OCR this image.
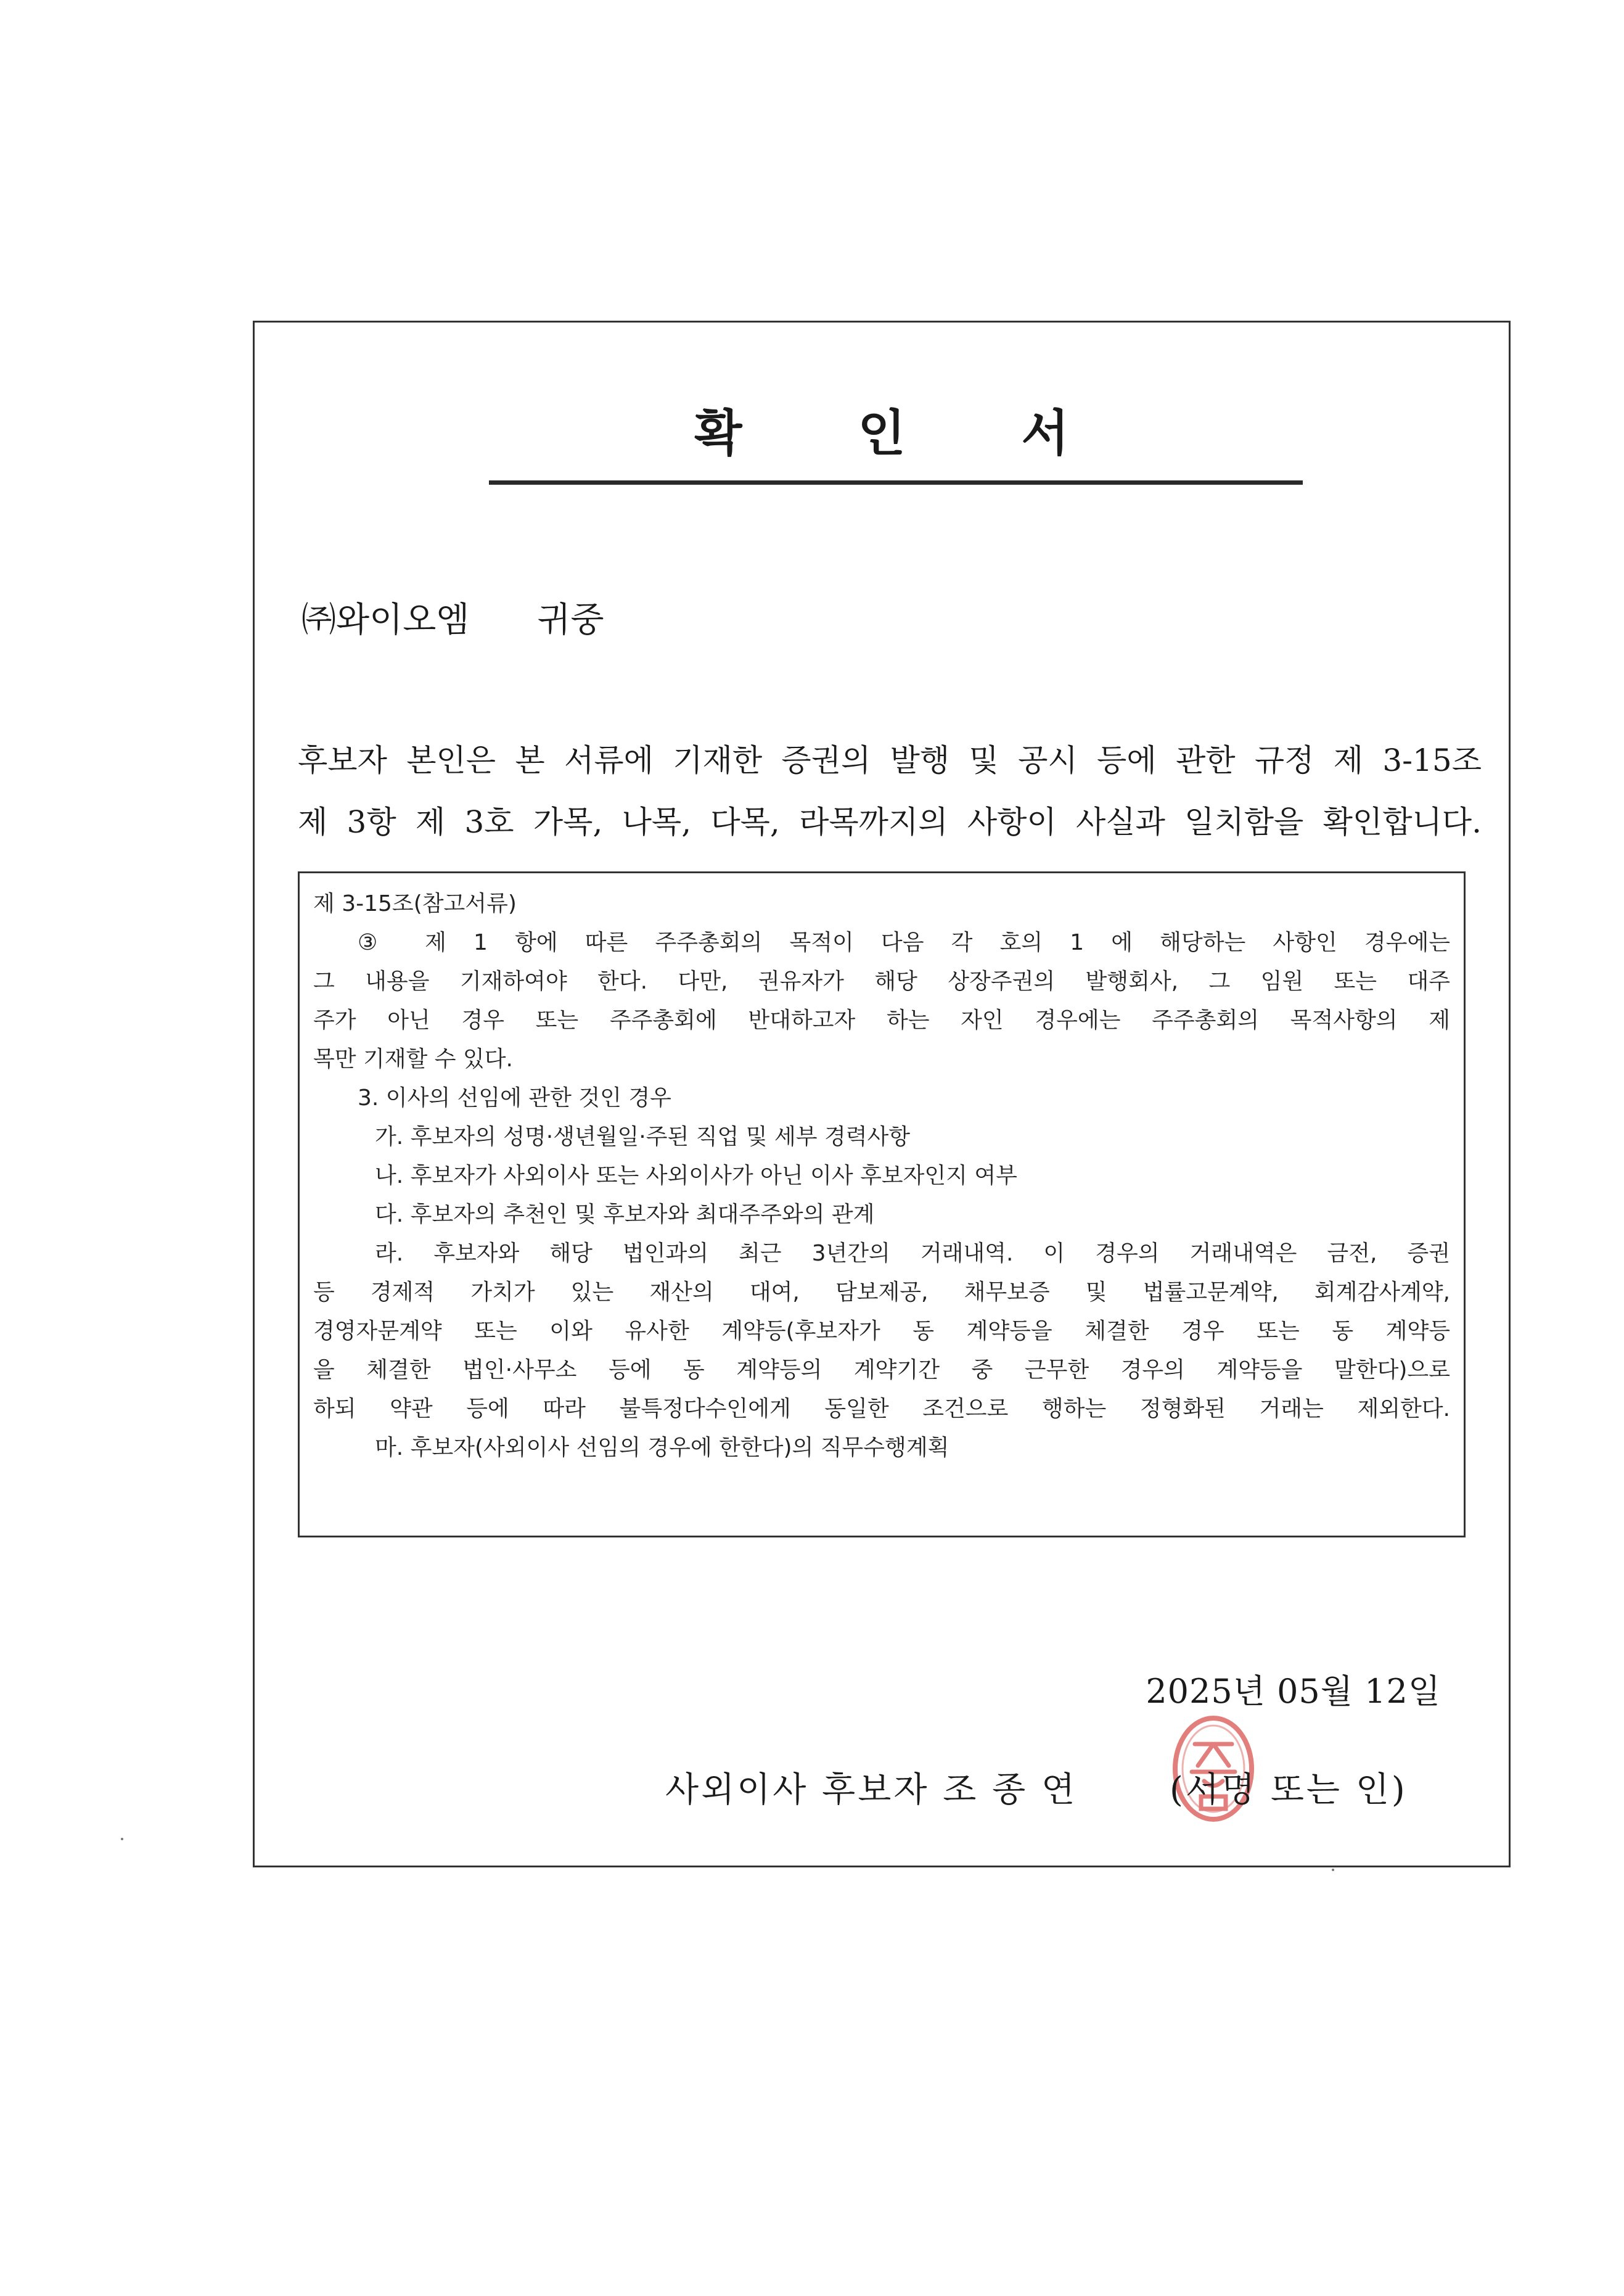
확 인 서
㈜와이오엠 귀중

후보자 본인은 본 서류에 기재한 증권의 발행 및 공시 등에 관한 규정 제 3-15조

제 3항 제 3호 가목, 나목, 다목, 라목까지의 사항이 사실과 일치함을 확인합니다.

제 3-15조(참고서류)
③ 제 1 항에 따른 주주총회의 목적이 다음 각 호의 1 에 해당하는 사항인 경우에는
그 내용을 기재하여야 한다. 다만, 권유자가 해당 상장주권의 발행회사, 그 임원 또는 대주
주가 아닌 경우 또는 주주총회에 반대하고자 하는 자인 경우에는 주주총회의 목적사항의 제
목만 기재할 수 있다.
3. 이사의 선임에 관한 것인 경우
가. 후보자의 성명·생년월일·주된 직업 및 세부 경력사항
나. 후보자가 사외이사 또는 사외이사가 아닌 이사 후보자인지 여부
다. 후보자의 추천인 및 후보자와 최대주주와의 관계
라. 후보자와 해당 법인과의 최근 3년간의 거래내역. 이 경우의 거래내역은 금전, 증권
등 경제적 가치가 있는 재산의 대여, 담보제공, 채무보증 및 법률고문계약, 회계감사계약,
경영자문계약 또는 이와 유사한 계약등(후보자가 동 계약등을 체결한 경우 또는 동 계약등
을 체결한 법인·사무소 등에 동 계약등의 계약기간 중 근무한 경우의 계약등을 말한다)으로
하되 약관 등에 따라 불특정다수인에게 동일한 조건으로 행하는 정형화된 거래는 제외한다.
마. 후보자(사외이사 선임의 경우에 한한다)의 직무수행계획
2025년 05월 12일
사외이사 후보자 조 종 연	(서명 또는 인)
